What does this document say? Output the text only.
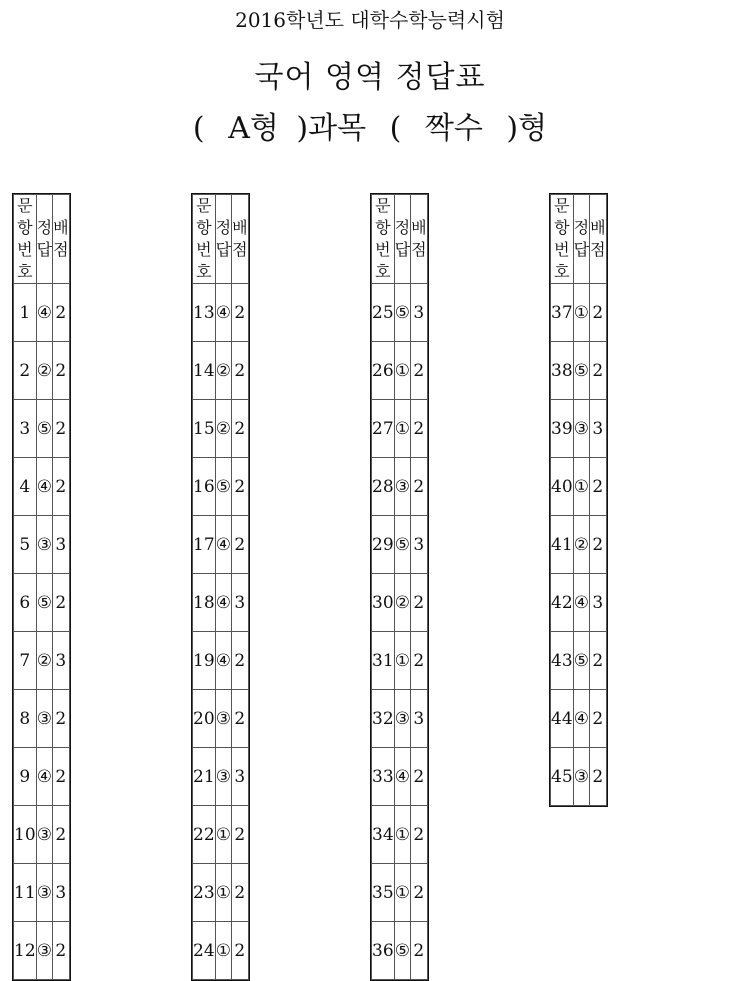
2016학년도 대학수학능력시험
국어 영역 정답표
( A형 )과목 ( 짝수 )형
문항
번호	정 답	배 점
1	④	2
2	②	2
3	⑤	2
4	④	2
5	③	3
6	⑤	2
7	②	3
8	③	2
9	④	2
10	③	2
11	③	3
12	③	2
문항
번호	정 답	배 점
13	④	2
14	②	2
15	②	2
16	⑤	2
17	④	2
18	④	3
19	④	2
20	③	2
21	③	3
22	①	2
23	①	2
24	①	2
문항
번호	정 답	배 점
25	⑤	3
26	①	2
27	①	2
28	③	2
29	⑤	3
30	②	2
31	①	2
32	③	3
33	④	2
34	①	2
35	①	2
36	⑤	2
문항
번호	정 답	배 점
37	①	2
38	⑤	2
39	③	3
40	①	2
41	②	2
42	④	3
43	⑤	2
44	④	2
45	③	2
